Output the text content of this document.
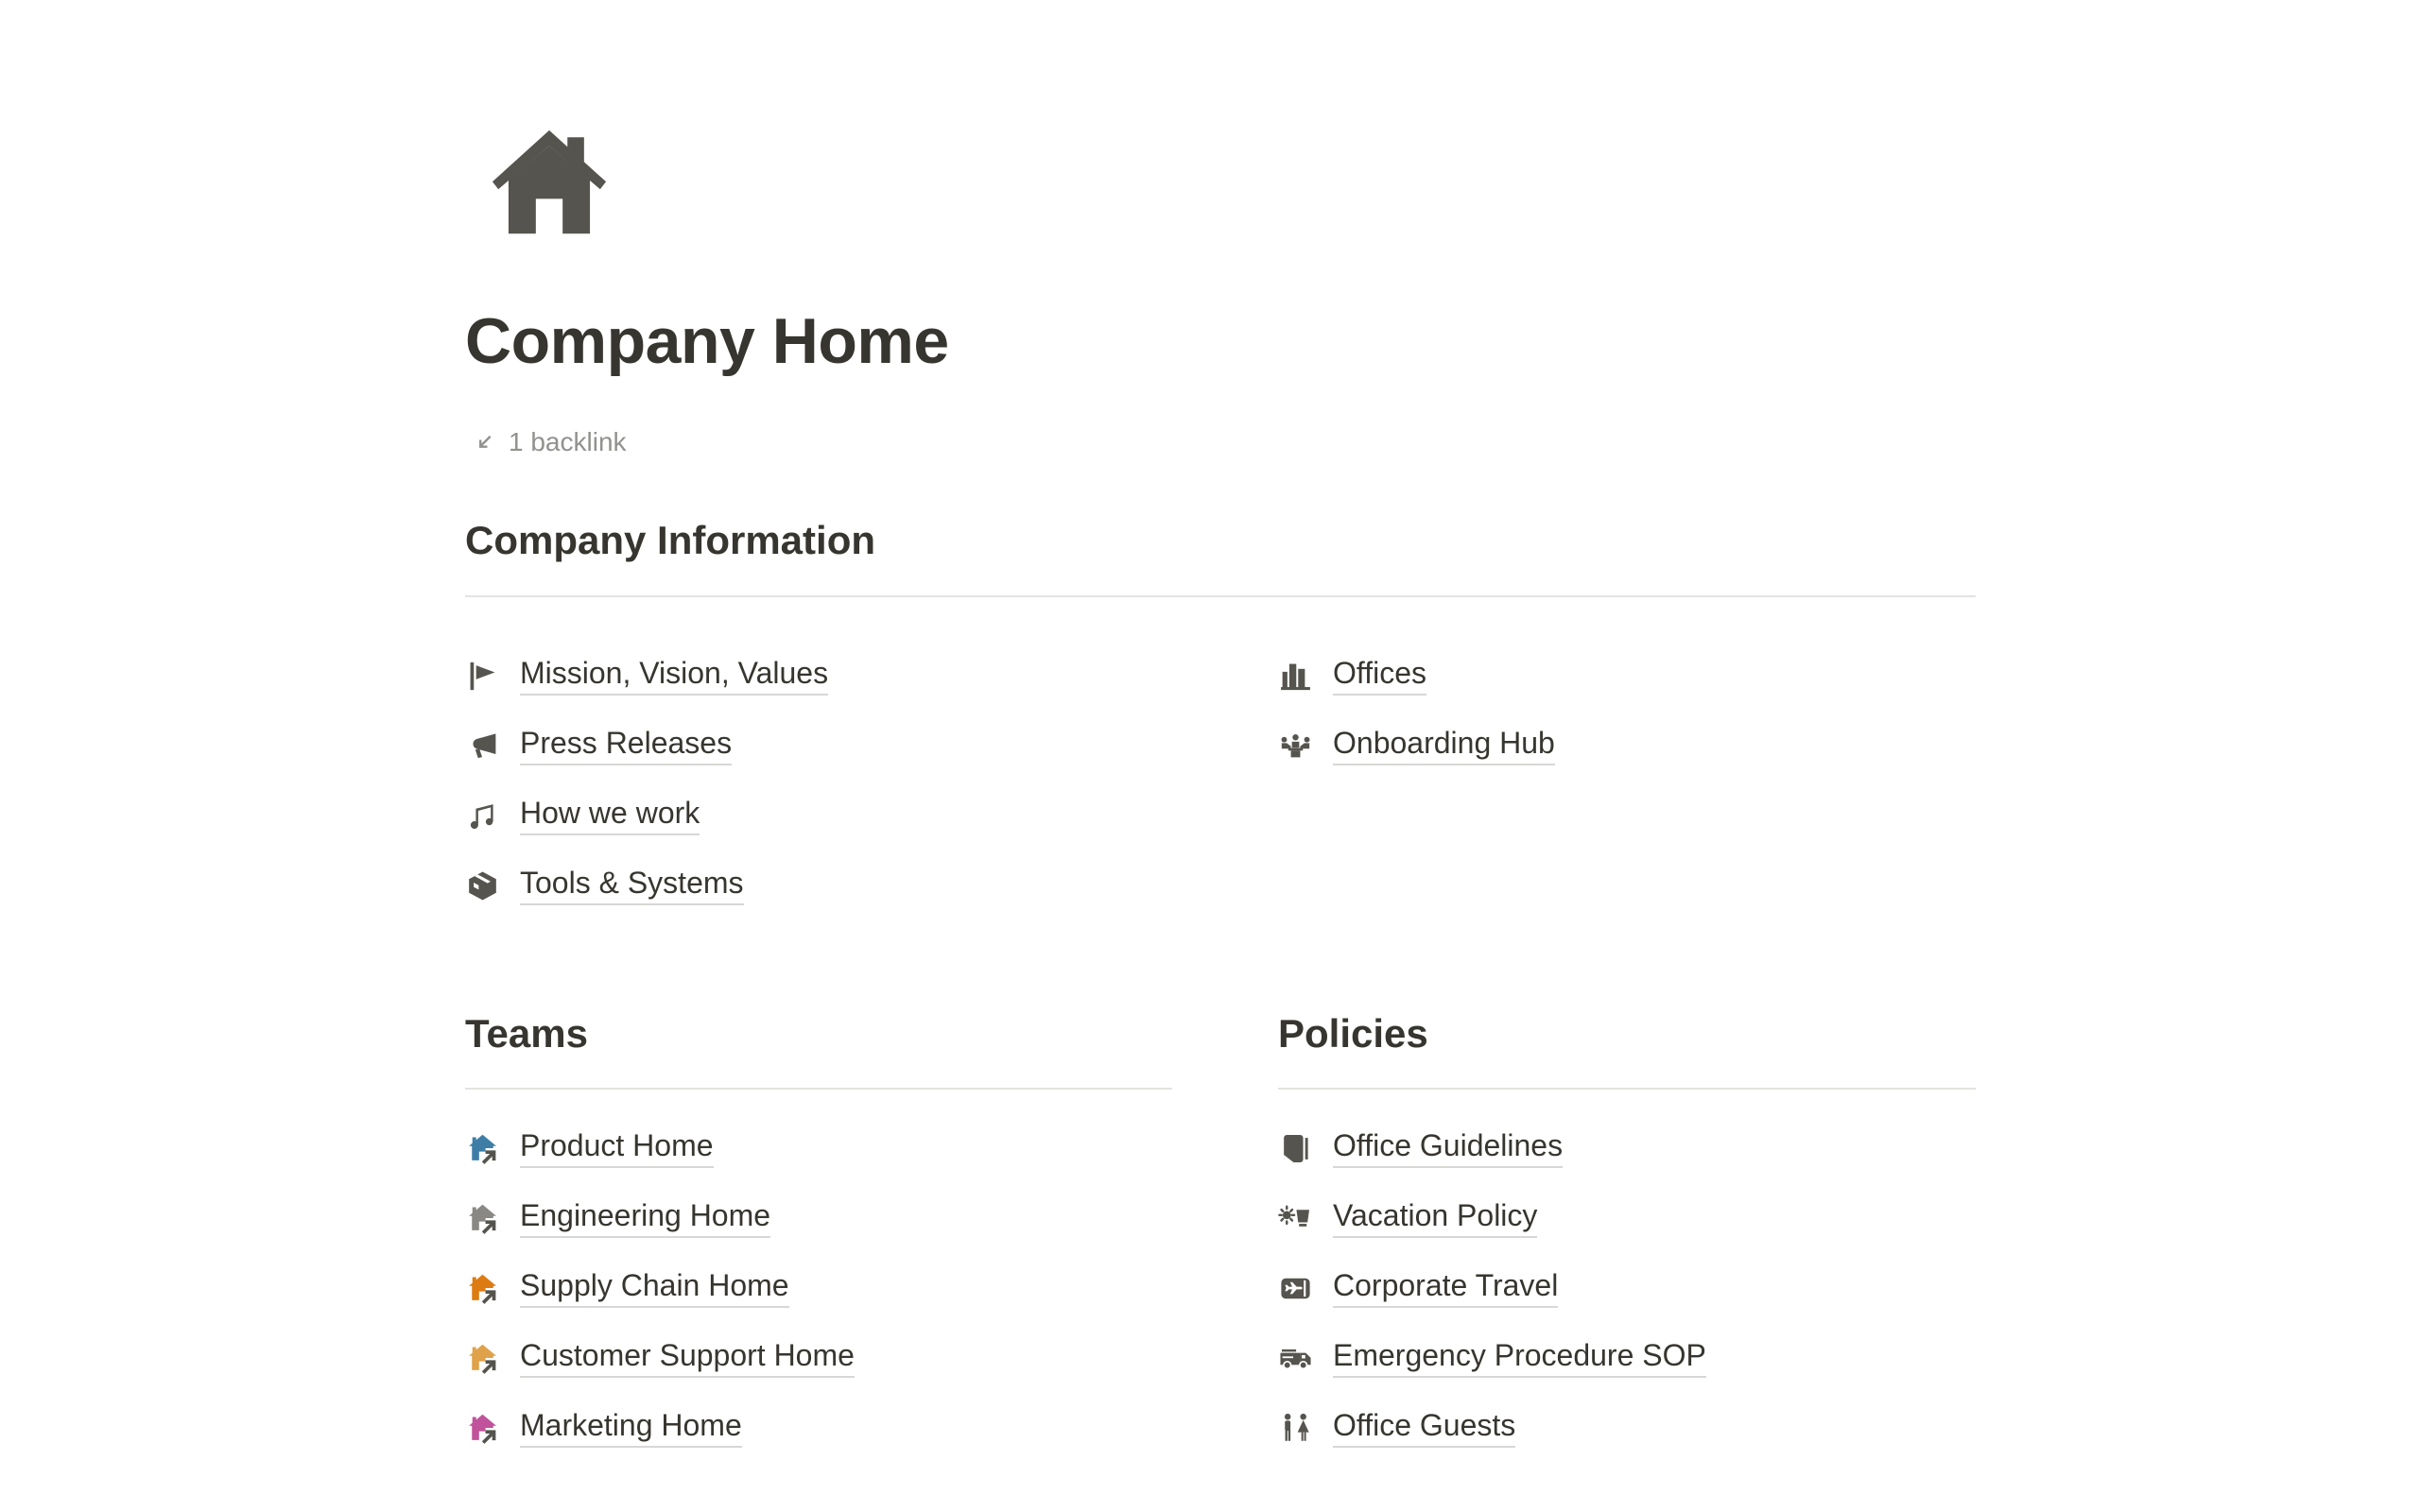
Company Home
1 backlink
Company Information
Mission, Vision, Values
Press Releases
How we work
Tools & Systems
Offices
Onboarding Hub
Teams
Product Home
Engineering Home
Supply Chain Home
Customer Support Home
Marketing Home
Policies
Office Guidelines
Vacation Policy
Corporate Travel
Emergency Procedure SOP
Office Guests
